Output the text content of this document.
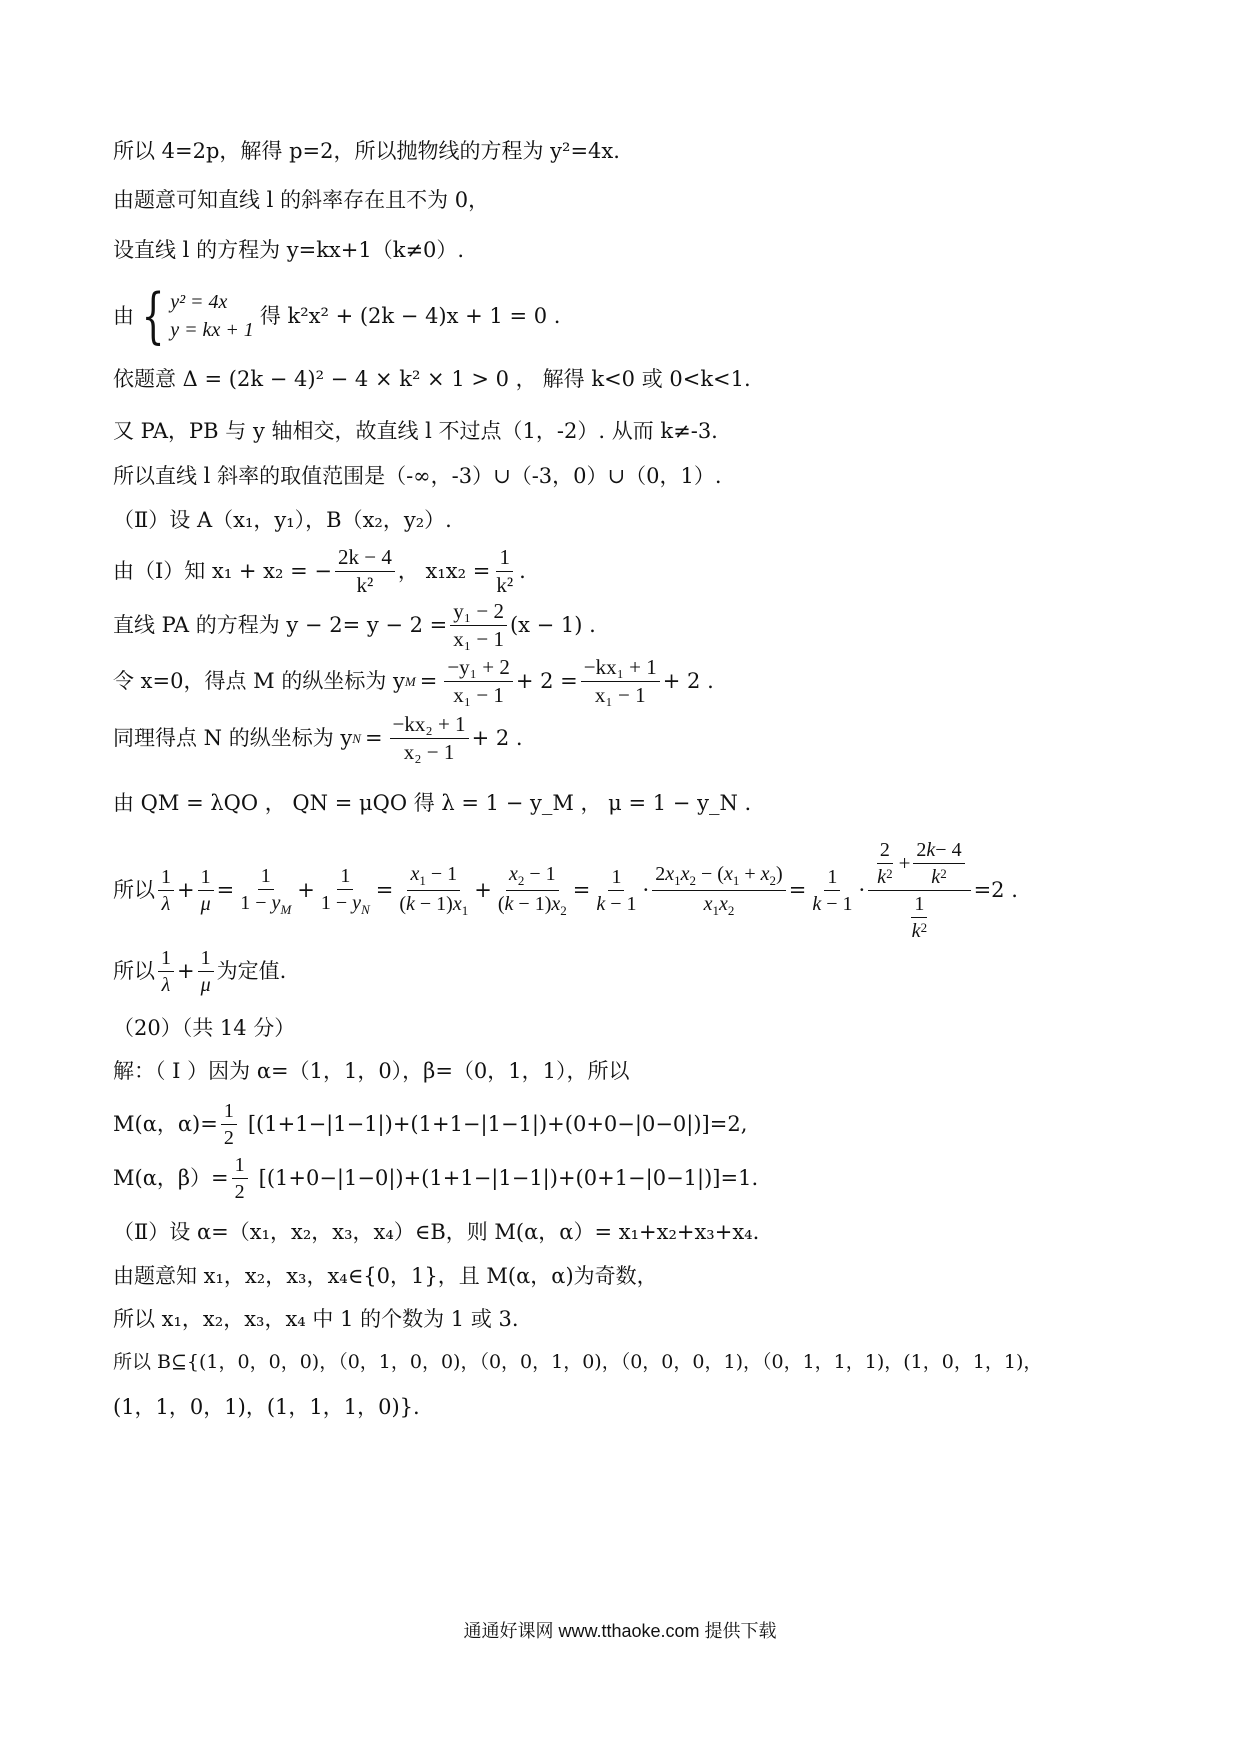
所以 4=2p，解得 p=2，所以抛物线的方程为 y²=4x.
由题意可知直线 l 的斜率存在且不为 0，
设直线 l 的方程为 y=kx+1（k≠0）.
由 { y² = 4x
y = kx + 1
得 k²x² + (2k − 4)x + 1 = 0 .
依题意 Δ = (2k − 4)² − 4 × k² × 1 > 0 ， 解得 k<0 或 0<k<1.
又 PA，PB 与 y 轴相交，故直线 l 不过点（1，-2）. 从而 k≠-3.
所以直线 l 斜率的取值范围是（-∞，-3）∪（-3，0）∪（0，1）.
（Ⅱ）设 A（x₁，y₁），B（x₂，y₂）.
由（I）知 x₁ + x₂ = − $\frac{2k - 4}{\text{k²}}$ ， $x_1x_2 = \frac{1}{\text{k²}}$ .
直线 PA 的方程为 $y - 2= y - 2 = \frac{\text{y₁ − 2}}{\text{x₁ − 1}} (x - 1)$ .
令 x=0，得点 M 的纵坐标为 y $M = \frac{\text{−y₁ + 2}}{\text{x₁ − 1}} + 2 = \frac{\text{−kx₁ + 1}}{\text{x₁ − 1}} + 2$ .
同理得点 N 的纵坐标为 y $N = \frac{\text{−kx₂ + 1}}{\text{x₂ − 1}} + 2$ .
由 QM = λQO ， QN = μQO 得 λ = 1 − y_M ， μ = 1 − y_N .
所以 $\frac{1}{\lambda} + \frac{1}{\mu} = \frac{1}{1 - y_M} + \frac{1}{1 - y_N} = \frac{x_1 - 1}{(k - 1)x_1} + \frac{x_2 - 1}{(k - 1)x_2} = \frac{1}{k - 1} \cdot \frac{2x_1x_2 - (x_1 + x_2)}{x_1x_2} = \frac{1}{k - 1} \cdot \frac{\frac{2}{k 2} + \frac{2 k - 4}{k 2}}{\frac{1}{k 2}} =2$ .
所以 $\frac{1}{\lambda} + \frac{1}{\mu}$ 为定值.
（20）（共 14 分）
解：（ I ）因为 α=（1，1，0），β=（0，1，1），所以
M(α，$\alpha)= \frac{1}{2} [(1+1-|1-1|)+(1+1-|1-1|)+(0+0-|0-0|)]=2$,
M(α，$\beta)= \frac{1}{2} [(1+0-|1-0|)+(1+1-|1-1|)+(0+1-|0-1|)]=1$.
（Ⅱ）设 α=（x₁，x₂，x₃，x₄）∈B，则 M(α，α）= x₁+x₂+x₃+x₄.
由题意知 x₁，x₂，x₃，x₄∈{0，1}，且 M(α，α)为奇数，
所以 x₁，x₂，x₃，x₄ 中 1 的个数为 1 或 3.
所以 B⊆{(1，0，0，0)，（0，1，0，0)，（0，0，1，0)，（0，0，0，1)，（0，1，1，1)，(1，0，1，1)，
(1，1，0，1)，(1，1，1，0)}.
通通好课网 www.tthaoke.com 提供下载
